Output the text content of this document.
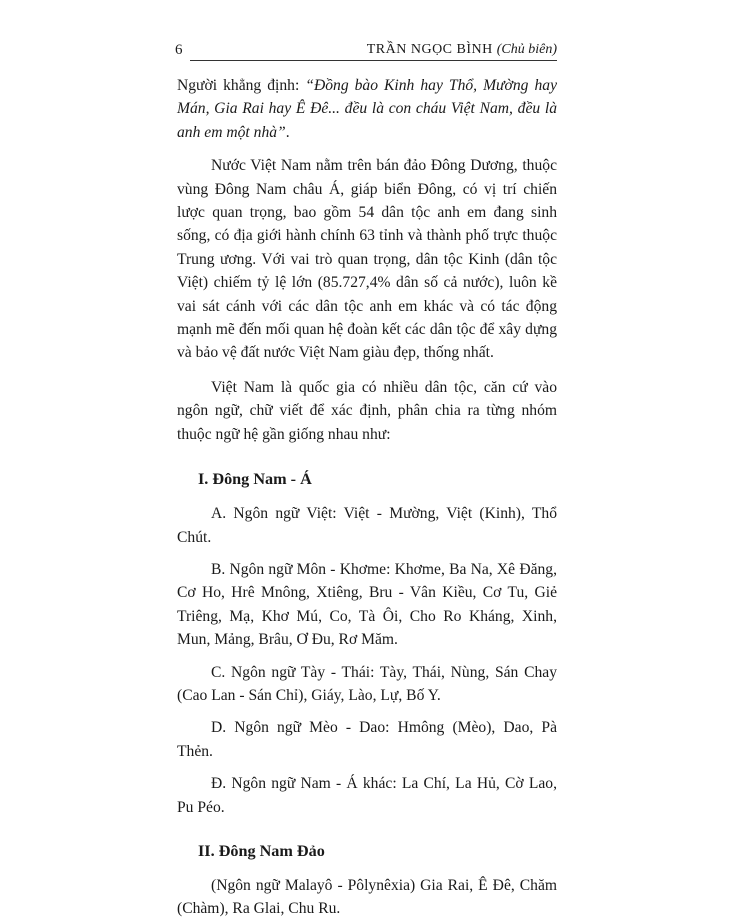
6	TRẦN NGỌC BÌNH (Chủ biên)

Người khẳng định: “Đồng bào Kinh hay Thổ, Mường hay Mán, Gia Rai hay Ê Đê... đều là con cháu Việt Nam, đều là anh em một nhà”.

Nước Việt Nam nằm trên bán đảo Đông Dương, thuộc vùng Đông Nam châu Á, giáp biển Đông, có vị trí chiến lược quan trọng, bao gồm 54 dân tộc anh em đang sinh sống, có địa giới hành chính 63 tỉnh và thành phố trực thuộc Trung ương. Với vai trò quan trọng, dân tộc Kinh (dân tộc Việt) chiếm tỷ lệ lớn (85.727,4% dân số cả nước), luôn kề vai sát cánh với các dân tộc anh em khác và có tác động mạnh mẽ đến mối quan hệ đoàn kết các dân tộc để xây dựng và bảo vệ đất nước Việt Nam giàu đẹp, thống nhất.

Việt Nam là quốc gia có nhiều dân tộc, căn cứ vào ngôn ngữ, chữ viết để xác định, phân chia ra từng nhóm thuộc ngữ hệ gần giống nhau như:

I. Đông Nam - Á

A. Ngôn ngữ Việt: Việt - Mường, Việt (Kinh), Thổ Chút.

B. Ngôn ngữ Môn - Khơme: Khơme, Ba Na, Xê Đăng, Cơ Ho, Hrê Mnông, Xtiêng, Bru - Vân Kiều, Cơ Tu, Giẻ Triêng, Mạ, Khơ Mú, Co, Tà Ôi, Cho Ro Kháng, Xinh, Mun, Mảng, Brâu, Ơ Đu, Rơ Măm.

C. Ngôn ngữ Tày - Thái: Tày, Thái, Nùng, Sán Chay (Cao Lan - Sán Chỉ), Giáy, Lào, Lự, Bố Y.

D. Ngôn ngữ Mèo - Dao: Hmông (Mèo), Dao, Pà Thẻn.

Đ. Ngôn ngữ Nam - Á khác: La Chí, La Hủ, Cờ Lao, Pu Péo.

II. Đông Nam Đảo

(Ngôn ngữ Malayô - Pôlynêxia) Gia Rai, Ê Đê, Chăm (Chàm), Ra Glai, Chu Ru.
